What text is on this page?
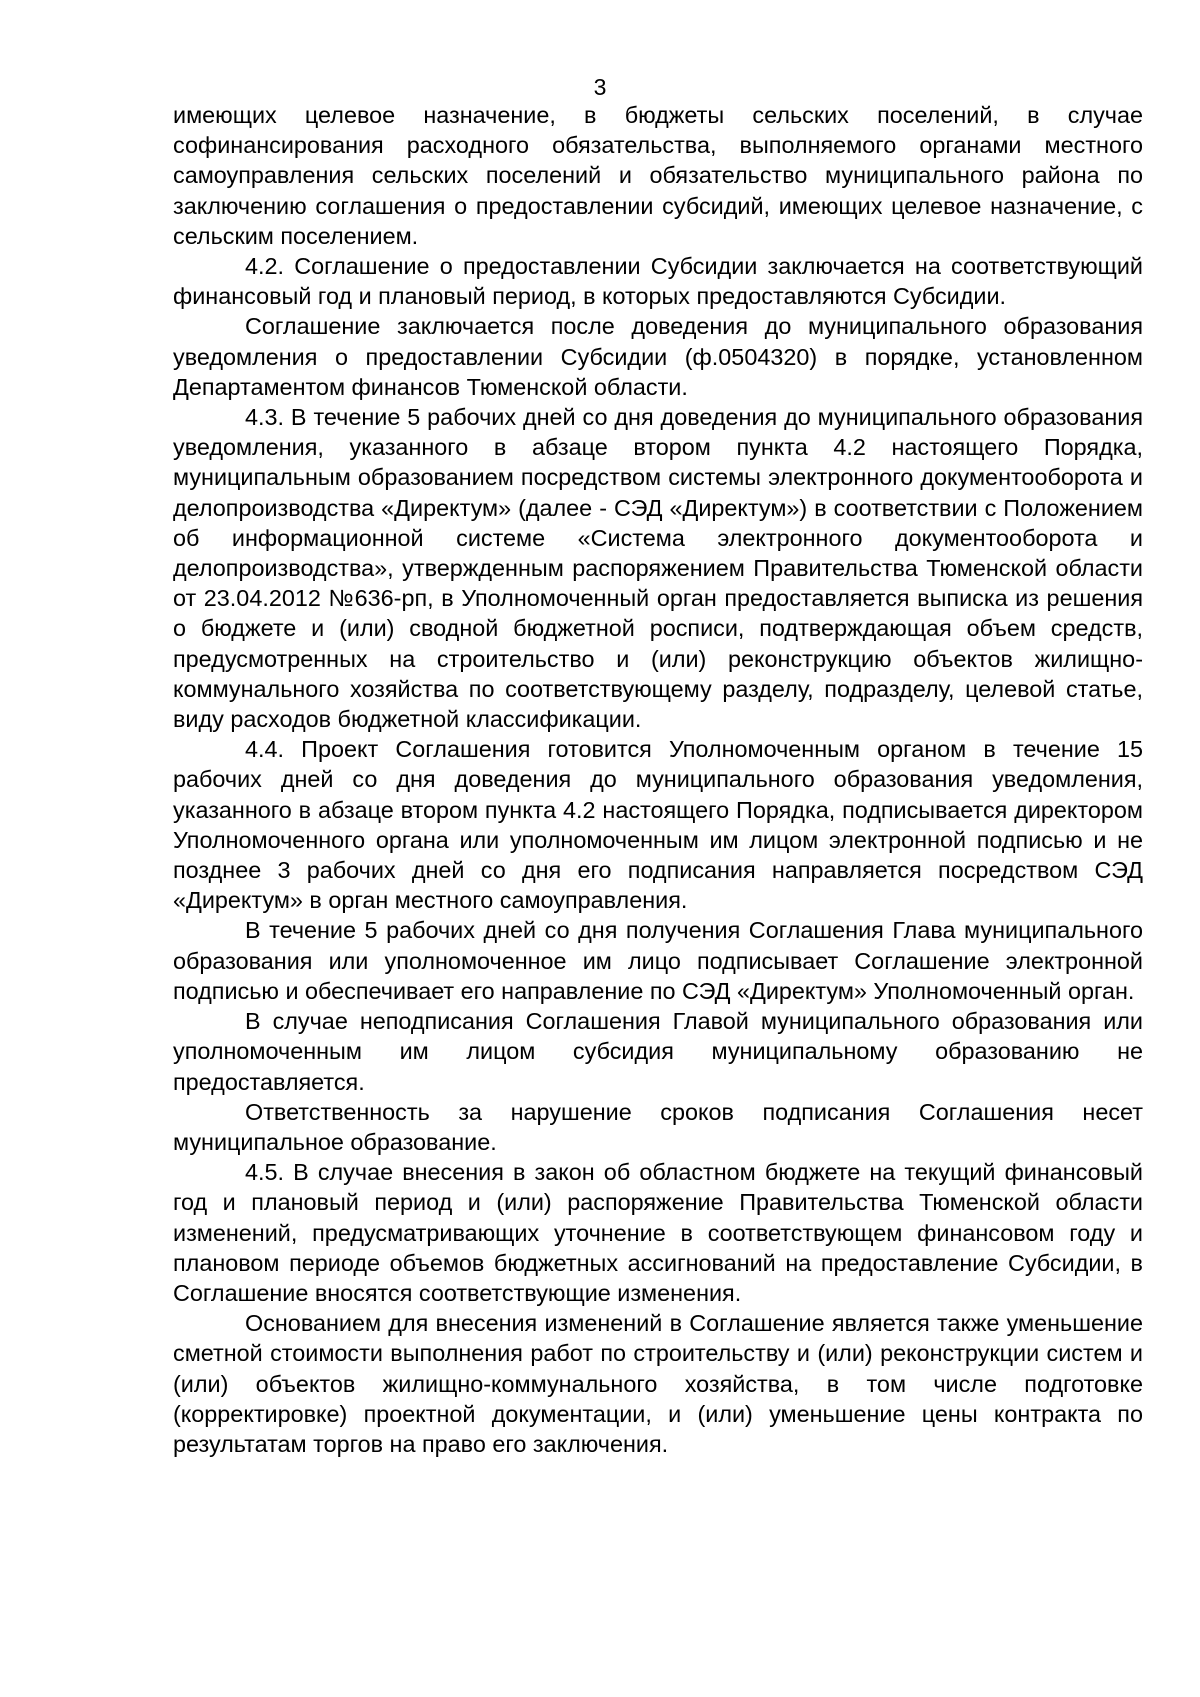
3

имеющих целевое назначение, в бюджеты сельских поселений, в случае софинансирования расходного обязательства, выполняемого органами местного самоуправления сельских поселений и обязательство муниципального района по заключению соглашения о предоставлении субсидий, имеющих целевое назначение, с сельским поселением.

4.2. Соглашение о предоставлении Субсидии заключается на соответствующий финансовый год и плановый период, в которых предоставляются Субсидии.

Соглашение заключается после доведения до муниципального образования уведомления о предоставлении Субсидии (ф.0504320) в порядке, установленном Департаментом финансов Тюменской области.

4.3. В течение 5 рабочих дней со дня доведения до муниципального образования уведомления, указанного в абзаце втором пункта 4.2 настоящего Порядка, муниципальным образованием посредством системы электронного документооборота и делопроизводства «Директум» (далее - СЭД «Директум») в соответствии с Положением об информационной системе «Система электронного документооборота и делопроизводства», утвержденным распоряжением Правительства Тюменской области от 23.04.2012 №636-рп, в Уполномоченный орган предоставляется выписка из решения о бюджете и (или) сводной бюджетной росписи, подтверждающая объем средств, предусмотренных на строительство и (или) реконструкцию объектов жилищно-коммунального хозяйства по соответствующему разделу, подразделу, целевой статье, виду расходов бюджетной классификации.

4.4. Проект Соглашения готовится Уполномоченным органом в течение 15 рабочих дней со дня доведения до муниципального образования уведомления, указанного в абзаце втором пункта 4.2 настоящего Порядка, подписывается директором Уполномоченного органа или уполномоченным им лицом электронной подписью и не позднее 3 рабочих дней со дня его подписания направляется посредством СЭД «Директум» в орган местного самоуправления.

В течение 5 рабочих дней со дня получения Соглашения Глава муниципального образования или уполномоченное им лицо подписывает Соглашение электронной подписью и обеспечивает его направление по СЭД «Директум» Уполномоченный орган.

В случае неподписания Соглашения Главой муниципального образования или уполномоченным им лицом субсидия муниципальному образованию не предоставляется.

Ответственность за нарушение сроков подписания Соглашения несет муниципальное образование.

4.5. В случае внесения в закон об областном бюджете на текущий финансовый год и плановый период и (или) распоряжение Правительства Тюменской области изменений, предусматривающих уточнение в соответствующем финансовом году и плановом периоде объемов бюджетных ассигнований на предоставление Субсидии, в Соглашение вносятся соответствующие изменения.

Основанием для внесения изменений в Соглашение является также уменьшение сметной стоимости выполнения работ по строительству и (или) реконструкции систем и (или) объектов жилищно-коммунального хозяйства, в том числе подготовке (корректировке) проектной документации, и (или) уменьшение цены контракта по результатам торгов на право его заключения.
